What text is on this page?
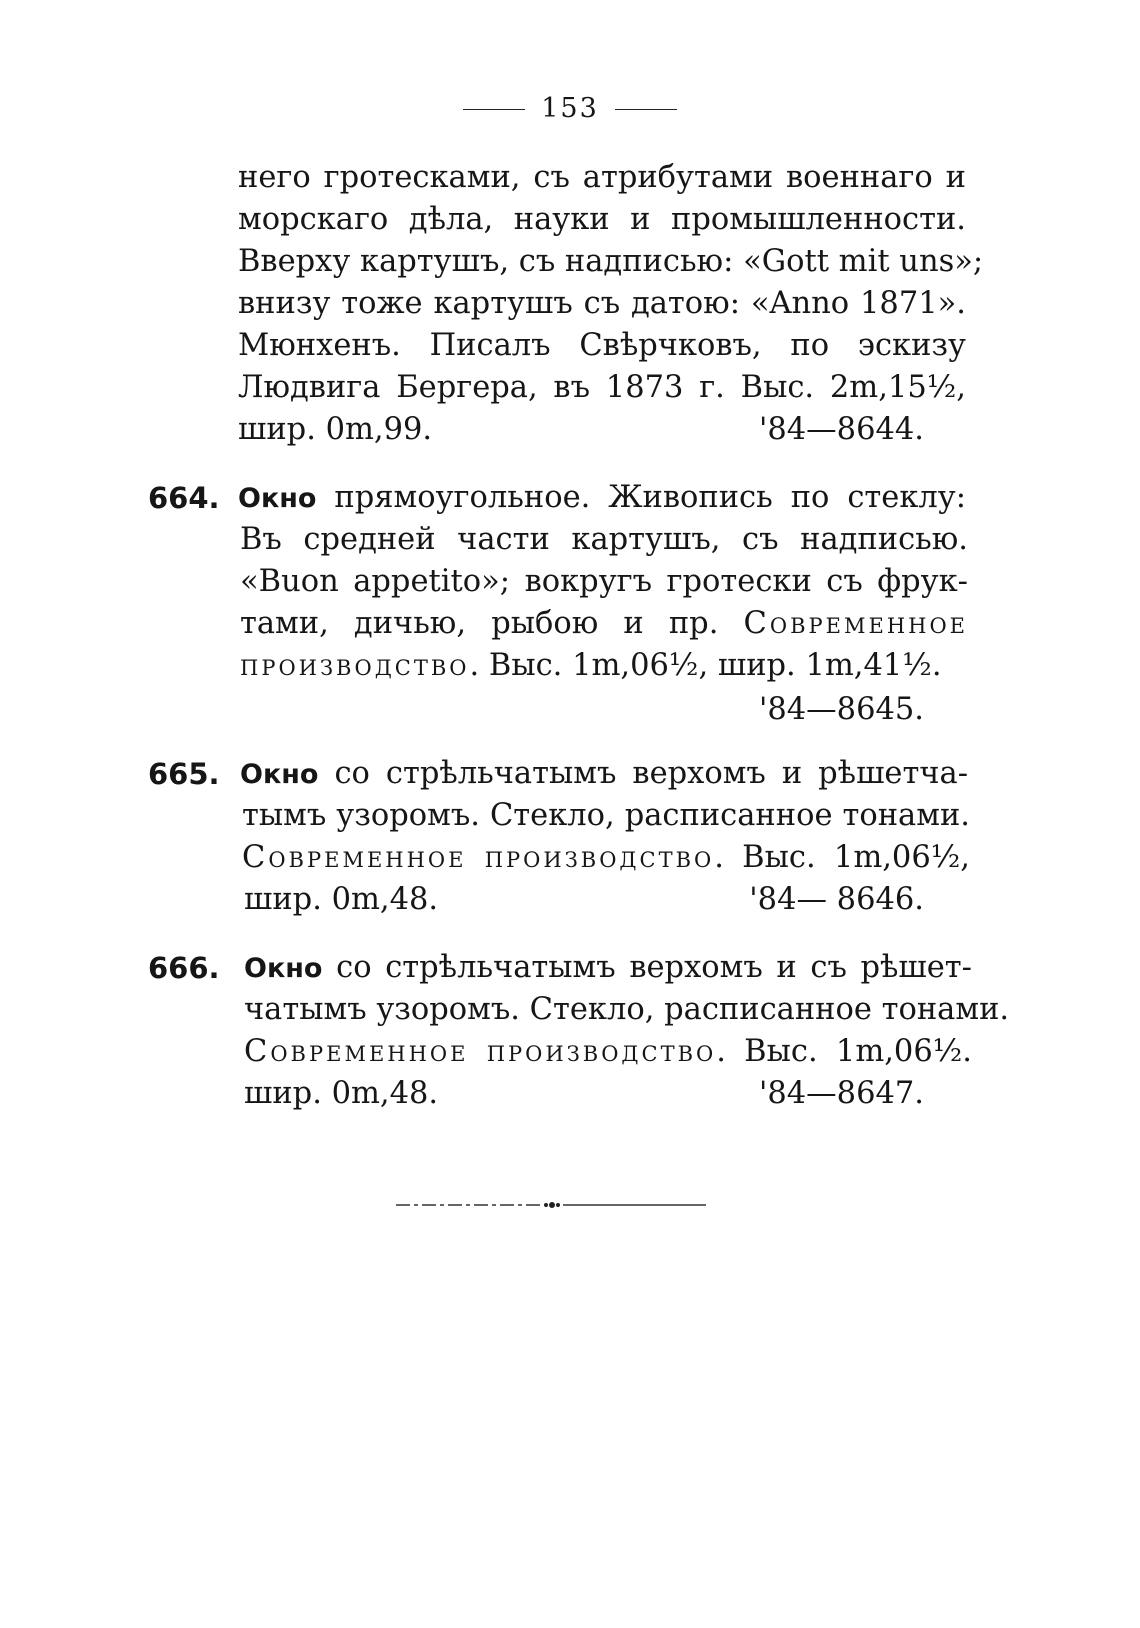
153
него гротесками, съ атрибутами военнаго и
морскаго дѣла, науки и промышленности.
Вверху картушъ, съ надписью: «Gott mit uns»;
внизу тоже картушъ съ датою: «Anno 1871».
Мюнхенъ. Писалъ Свѣрчковъ, по эскизу
Людвига Бергера, въ 1873 г. Выс. 2m,15½,
шир. 0m,99.	'84—8644.
664. Окно прямоугольное. Живопись по стеклу:
Въ средней части картушъ, съ надписью.
«Buon appetito»; вокругъ гротески съ фрук-
тами, дичью, рыбою и пр. Современное
производство. Выс. 1m,06½, шир. 1m,41½.
'84—8645.
665. Окно со стрѣльчатымъ верхомъ и рѣшетча-
тымъ узоромъ. Стекло, расписанное тонами.
Современное производство. Выс. 1m,06½,
шир. 0m,48.	'84— 8646.
666. Окно со стрѣльчатымъ верхомъ и съ рѣшет-
чатымъ узоромъ. Стекло, расписанное тонами.
Современное производство. Выс. 1m,06½.
шир. 0m,48.	'84—8647.
